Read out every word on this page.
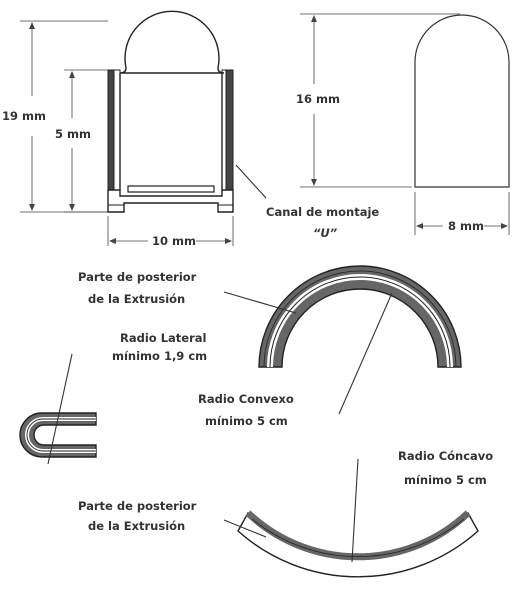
19 mm
5 mm
10 mm
Canal de montaje
“U”
16 mm
8 mm
Parte de posterior
de la Extrusión
Radio Convexo
mínimo 5 cm
Radio Lateral
mínimo 1,9 cm
Radio Cóncavo
mínimo 5 cm
Parte de posterior
de la Extrusión
